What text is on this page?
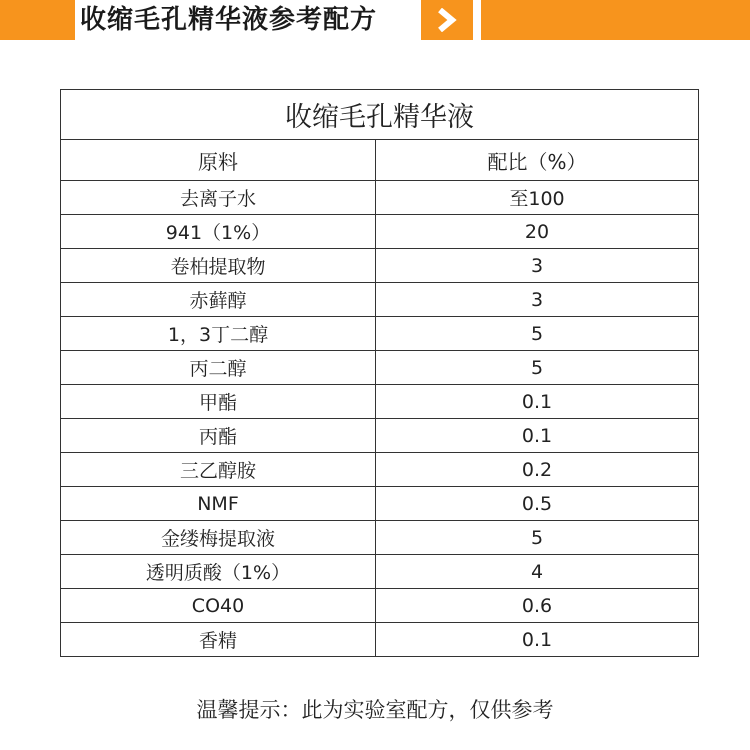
收缩毛孔精华液参考配方
收缩毛孔精华液	
原料	配比（%）
去离子水	至100
941（1%）	20
卷柏提取物	3
赤藓醇	3
1，3丁二醇	5
丙二醇	5
甲酯	0.1
丙酯	0.1
三乙醇胺	0.2
NMF	0.5
金缕梅提取液	5
透明质酸（1%）	4
CO40	0.6
香精	0.1
温馨提示：此为实验室配方，仅供参考
